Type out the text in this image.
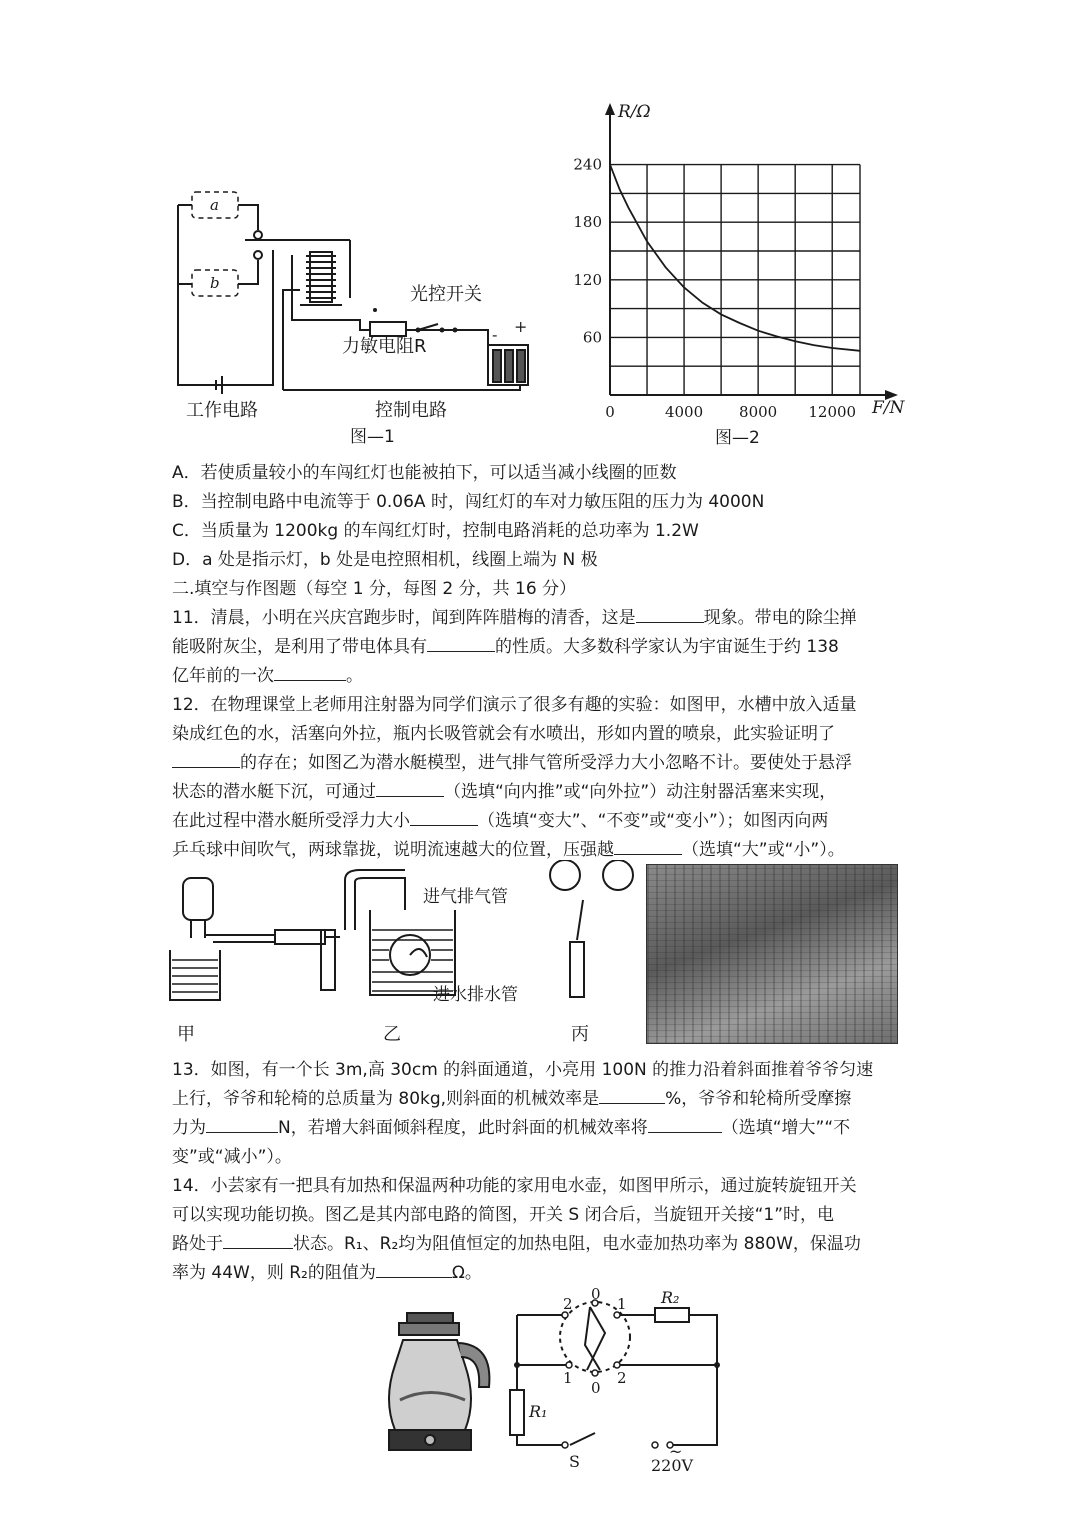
a
b
- +
光控开关
力敏电阻R
工作电路	控制电路
图—1
240
180
120
60
0	4000 8000 12000
R/Ω
F/N
图—2
A．若使质量较小的车闯红灯也能被拍下，可以适当减小线圈的匝数
B．当控制电路中电流等于 0.06A 时，闯红灯的车对力敏压阻的压力为 4000N
C．当质量为 1200kg 的车闯红灯时，控制电路消耗的总功率为 1.2W
D．a 处是指示灯，b 处是电控照相机，线圈上端为 N 极
二.填空与作图题（每空 1 分，每图 2 分，共 16 分）
11．清晨，小明在兴庆宫跑步时，闻到阵阵腊梅的清香，这是	现象。带电的除尘掸
能吸附灰尘，是利用了带电体具有	的性质。大多数科学家认为宇宙诞生于约 138
亿年前的一次	。
12．在物理课堂上老师用注射器为同学们演示了很多有趣的实验：如图甲，水槽中放入适量
染成红色的水，活塞向外拉，瓶内长吸管就会有水喷出，形如内置的喷泉，此实验证明了
的存在；如图乙为潜水艇模型，进气排气管所受浮力大小忽略不计。要使处于悬浮
状态的潜水艇下沉，可通过	（选填“向内推”或“向外拉”）动注射器活塞来实现，
在此过程中潜水艇所受浮力大小	（选填“变大”、“不变”或“变小”）；如图丙向两
乒乓球中间吹气，两球靠拢，说明流速越大的位置，压强越	（选填“大”或“小”）。
进气排气管
进水排水管
甲	乙	丙
13．如图，有一个长 3m,高 30cm 的斜面通道，小亮用 100N 的推力沿着斜面推着爷爷匀速
上行，爷爷和轮椅的总质量为 80kg,则斜面的机械效率是	%，爷爷和轮椅所受摩擦
力为	N，若增大斜面倾斜程度，此时斜面的机械效率将	（选填“增大”“不
变”或“减小”）。
14．小芸家有一把具有加热和保温两种功能的家用电水壶，如图甲所示，通过旋转旋钮开关
可以实现功能切换。图乙是其内部电路的简图，开关 S 闭合后，当旋钮开关接“1”时，电
路处于	状态。R₁、R₂均为阻值恒定的加热电阻，电水壶加热功率为 880W，保温功
率为 44W，则 R₂的阻值为	Ω。
2
0
1
1
0
2
R₁
R₂
S
~
220V
